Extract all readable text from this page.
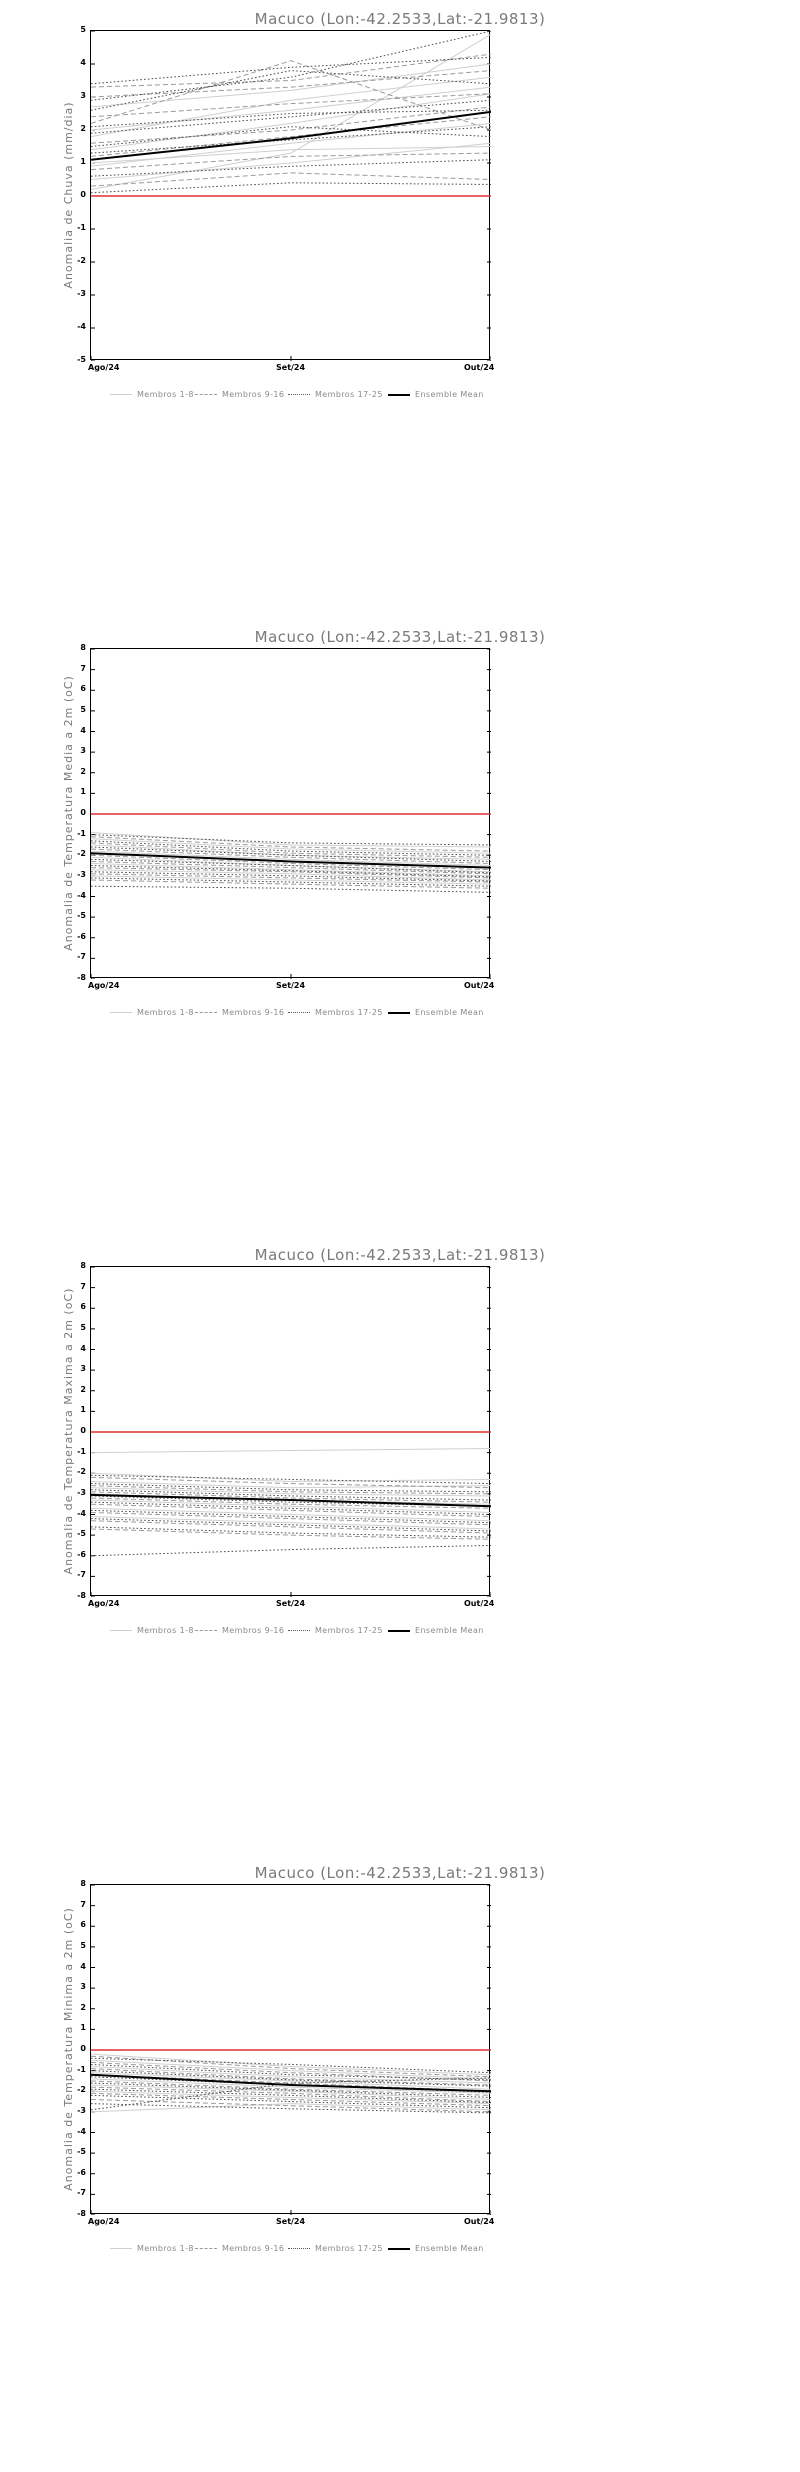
Macuco (Lon:-42.2533,Lat:-21.9813)
Anomalia de Chuva (mm/dia)
5
4
3
2
1
0
-1
-2
-3
-4
-5
Ago/24	Set/24	Out/24
Membros 1-8	Membros 9-16	Membros 17-25	Ensemble Mean
Macuco (Lon:-42.2533,Lat:-21.9813)
Anomalia de Temperatura Media a 2m (oC)
8
7
6
5
4
3
2
1
0
-1
-2
-3
-4
-5
-6
-7
-8
Ago/24	Set/24	Out/24
Membros 1-8	Membros 9-16	Membros 17-25	Ensemble Mean
Macuco (Lon:-42.2533,Lat:-21.9813)
Anomalia de Temperatura Maxima a 2m (oC)
8
7
6
5
4
3
2
1
0
-1
-2
-3
-4
-5
-6
-7
-8
Ago/24	Set/24	Out/24
Membros 1-8	Membros 9-16	Membros 17-25	Ensemble Mean
Macuco (Lon:-42.2533,Lat:-21.9813)
Anomalia de Temperatura Minima a 2m (oC)
8
7
6
5
4
3
2
1
0
-1
-2
-3
-4
-5
-6
-7
-8
Ago/24	Set/24	Out/24
Membros 1-8	Membros 9-16	Membros 17-25	Ensemble Mean
